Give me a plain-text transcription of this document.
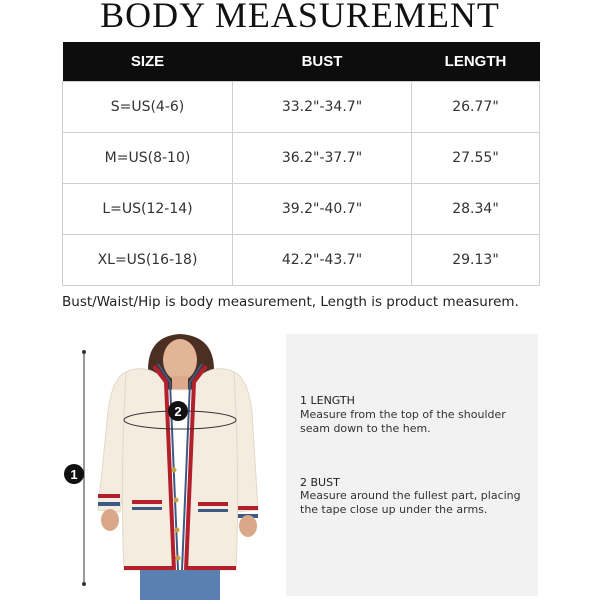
BODY MEASUREMENT
SIZE	BUST	LENGTH
S=US(4-6)	33.2"-34.7"	26.77"
M=US(8-10)	36.2"-37.7"	27.55"
L=US(12-14)	39.2"-40.7"	28.34"
XL=US(16-18)	42.2"-43.7"	29.13"
Bust/Waist/Hip is body measurement, Length is product measurem.
1
2
1 LENGTH
Measure from the top of the shoulder seam down to the hem.
2 BUST
Measure around the fullest part, placing the tape close up under the arms.
